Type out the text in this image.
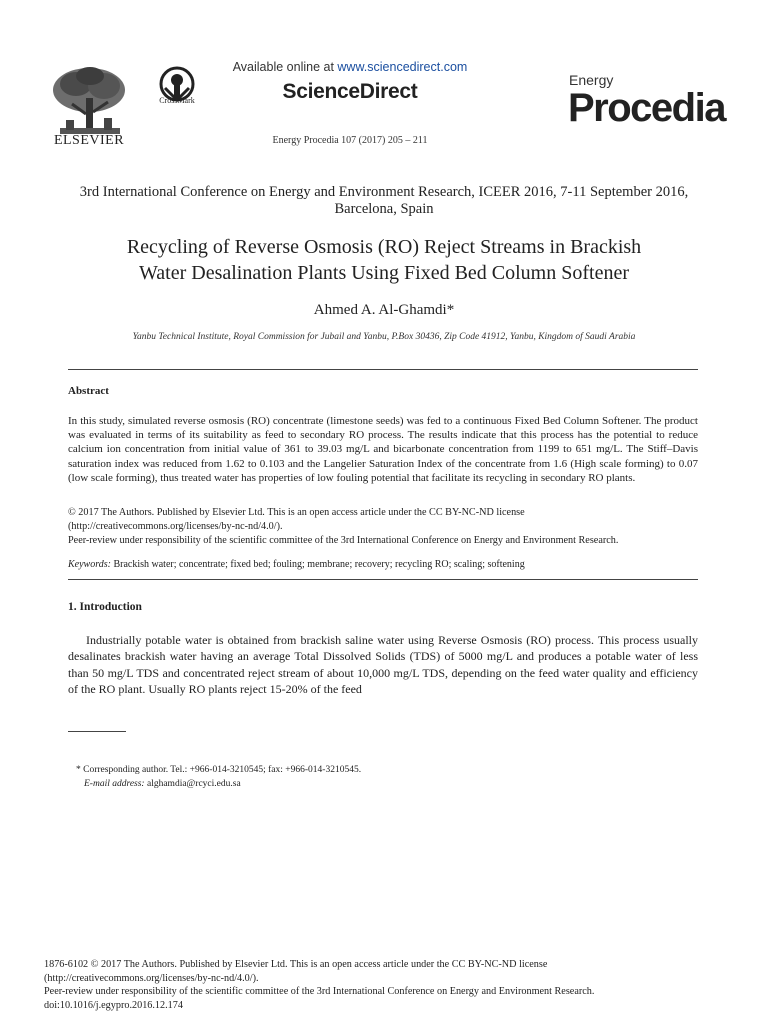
ELSEVIER
CrossMark
Available online at www.sciencedirect.com
ScienceDirect
Energy Procedia 107 (2017) 205 – 211
Energy
Procedia
3rd International Conference on Energy and Environment Research, ICEER 2016, 7-11 September 2016, Barcelona, Spain
Recycling of Reverse Osmosis (RO) Reject Streams in Brackish
Water Desalination Plants Using Fixed Bed Column Softener
Ahmed A. Al-Ghamdi*
Yanbu Technical Institute, Royal Commission for Jubail and Yanbu, P.Box 30436, Zip Code 41912, Yanbu, Kingdom of Saudi Arabia
Abstract
In this study, simulated reverse osmosis (RO) concentrate (limestone seeds) was fed to a continuous Fixed Bed Column Softener. The product was evaluated in terms of its suitability as feed to secondary RO process. The results indicate that this process has the potential to reduce calcium ion concentration from initial value of 361 to 39.03 mg/L and bicarbonate concentration from 1199 to 651 mg/L. The Stiff–Davis saturation index was reduced from 1.62 to 0.103 and the Langelier Saturation Index of the concentrate from 1.6 (High scale forming) to 0.07 (low scale forming), thus treated water has properties of low fouling potential that facilitate its recycling in secondary RO plants.
© 2017 The Authors. Published by Elsevier Ltd. This is an open access article under the CC BY-NC-ND license
(http://creativecommons.org/licenses/by-nc-nd/4.0/).
Peer-review under responsibility of the scientific committee of the 3rd International Conference on Energy and Environment Research.
Keywords: Brackish water; concentrate; fixed bed; fouling; membrane; recovery; recycling RO; scaling; softening
1. Introduction
Industrially potable water is obtained from brackish saline water using Reverse Osmosis (RO) process. This process usually desalinates brackish water having an average Total Dissolved Solids (TDS) of 5000 mg/L and produces a potable water of less than 50 mg/L TDS and concentrated reject stream of about 10,000 mg/L TDS, depending on the feed water quality and efficiency of the RO plant. Usually RO plants reject 15-20% of the feed
* Corresponding author. Tel.: +966-014-3210545; fax: +966-014-3210545.
E-mail address: alghamdia@rcyci.edu.sa
1876-6102 © 2017 The Authors. Published by Elsevier Ltd. This is an open access article under the CC BY-NC-ND license
(http://creativecommons.org/licenses/by-nc-nd/4.0/).
Peer-review under responsibility of the scientific committee of the 3rd International Conference on Energy and Environment Research.
doi:10.1016/j.egypro.2016.12.174
